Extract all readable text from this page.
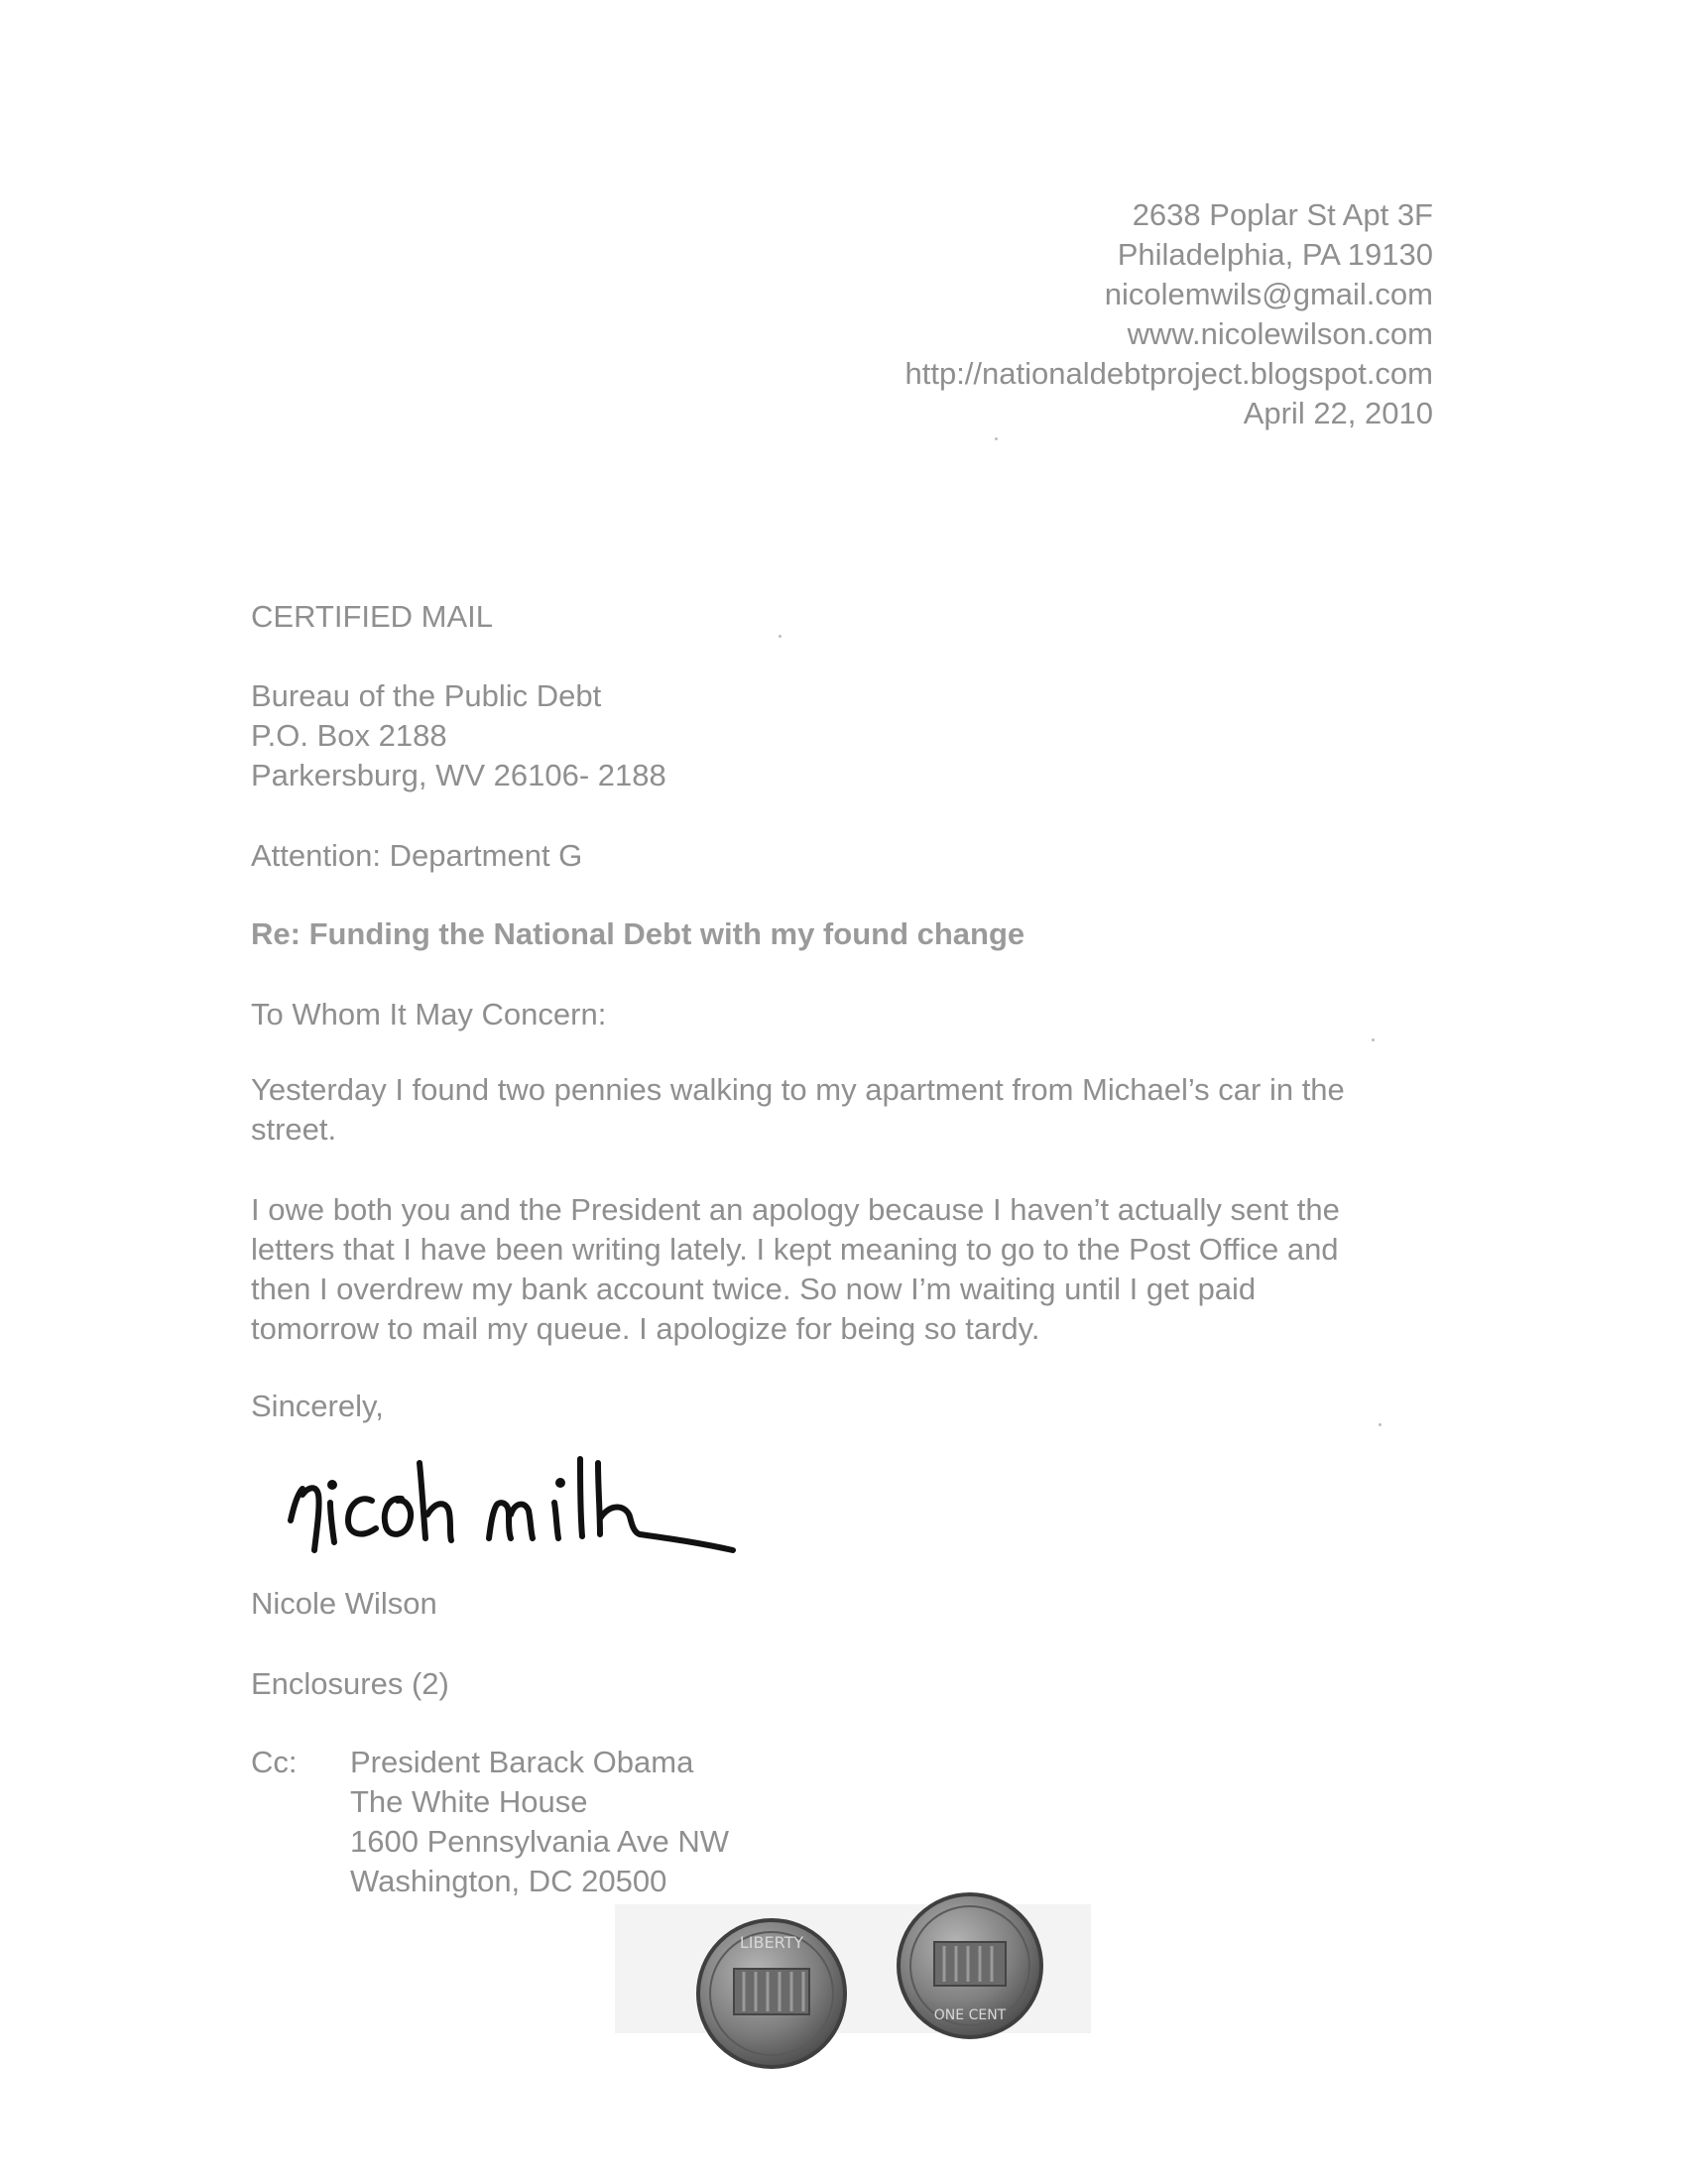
2638 Poplar St Apt 3F
Philadelphia, PA 19130
nicolemwils@gmail.com
www.nicolewilson.com
http://nationaldebtproject.blogspot.com
April 22, 2010
CERTIFIED MAIL
Bureau of the Public Debt
P.O. Box 2188
Parkersburg, WV 26106- 2188
Attention: Department G
Re: Funding the National Debt with my found change
To Whom It May Concern:
Yesterday I found two pennies walking to my apartment from Michael’s car in the
street.
I owe both you and the President an apology because I haven’t actually sent the
letters that I have been writing lately. I kept meaning to go to the Post Office and
then I overdrew my bank account twice. So now I’m waiting until I get paid
tomorrow to mail my queue. I apologize for being so tardy.
Sincerely,
Nicole Wilson
Enclosures (2)
Cc: President Barack Obama
The White House
1600 Pennsylvania Ave NW
Washington, DC 20500
LIBERTY
ONE CENT
